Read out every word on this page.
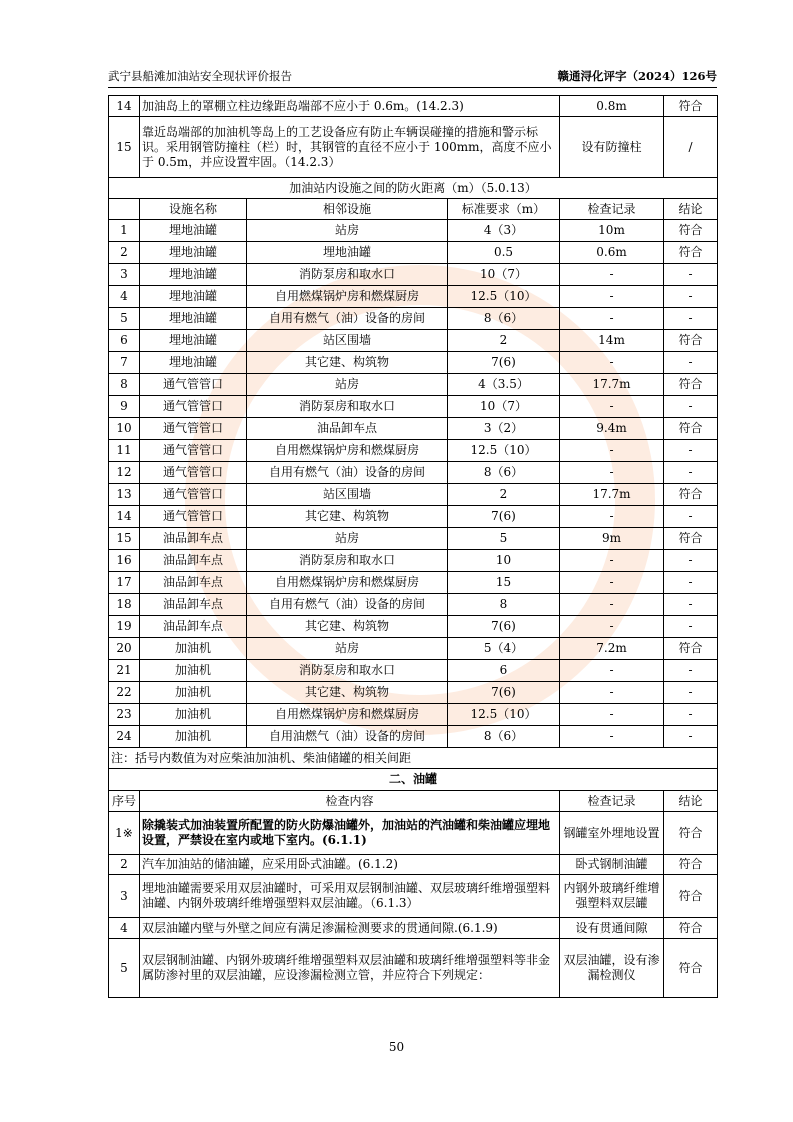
武宁县船滩加油站安全现状评价报告	赣通浔化评字（2024）126号
14	加油岛上的罩棚立柱边缘距岛端部不应小于 0.6m。(14.2.3)			0.8m	符合
15	靠近岛端部的加油机等岛上的工艺设备应有防止车辆误碰撞的措施和警示标识。采用钢管防撞柱（栏）时，其钢管的直径不应小于 100mm，高度不应小于 0.5m，并应设置牢固。（14.2.3）			设有防撞柱	/
加油站内设施之间的防火距离（m）（5.0.13）					
	设施名称	相邻设施	标准要求（m）	检查记录	结论
1	埋地油罐	站房	4（3）	10m	符合
2	埋地油罐	埋地油罐	0.5	0.6m	符合
3	埋地油罐	消防泵房和取水口	10（7）	-	-
4	埋地油罐	自用燃煤锅炉房和燃煤厨房	12.5（10）	-	-
5	埋地油罐	自用有燃气（油）设备的房间	8（6）	-	-
6	埋地油罐	站区围墙	2	14m	符合
7	埋地油罐	其它建、构筑物	7(6)	-	-
8	通气管管口	站房	4（3.5）	17.7m	符合
9	通气管管口	消防泵房和取水口	10（7）	-	-
10	通气管管口	油品卸车点	3（2）	9.4m	符合
11	通气管管口	自用燃煤锅炉房和燃煤厨房	12.5（10）	-	-
12	通气管管口	自用有燃气（油）设备的房间	8（6）	-	-
13	通气管管口	站区围墙	2	17.7m	符合
14	通气管管口	其它建、构筑物	7(6)	-	-
15	油品卸车点	站房	5	9m	符合
16	油品卸车点	消防泵房和取水口	10	-	-
17	油品卸车点	自用燃煤锅炉房和燃煤厨房	15	-	-
18	油品卸车点	自用有燃气（油）设备的房间	8	-	-
19	油品卸车点	其它建、构筑物	7(6)	-	-
20	加油机	站房	5（4）	7.2m	符合
21	加油机	消防泵房和取水口	6	-	-
22	加油机	其它建、构筑物	7(6)	-	-
23	加油机	自用燃煤锅炉房和燃煤厨房	12.5（10）	-	-
24	加油机	自用油燃气（油）设备的房间	8（6）	-	-
注：括号内数值为对应柴油加油机、柴油储罐的相关间距					
二、油罐					
序号	检查内容			检查记录	结论
1※	除撬装式加油装置所配置的防火防爆油罐外，加油站的汽油罐和柴油罐应埋地设置，严禁设在室内或地下室内。(6.1.1)			钢罐室外埋地设置	符合
2	汽车加油站的储油罐，应采用卧式油罐。(6.1.2)			卧式钢制油罐	符合
3	埋地油罐需要采用双层油罐时，可采用双层钢制油罐、双层玻璃纤维增强塑料油罐、内钢外玻璃纤维增强塑料双层油罐。（6.1.3）			内钢外玻璃纤维增强塑料双层罐	符合
4	双层油罐内壁与外壁之间应有满足渗漏检测要求的贯通间隙.(6.1.9)			设有贯通间隙	符合
5	双层钢制油罐、内钢外玻璃纤维增强塑料双层油罐和玻璃纤维增强塑料等非金属防渗衬里的双层油罐，应设渗漏检测立管，并应符合下列规定：			双层油罐，设有渗漏检测仪	符合
50
